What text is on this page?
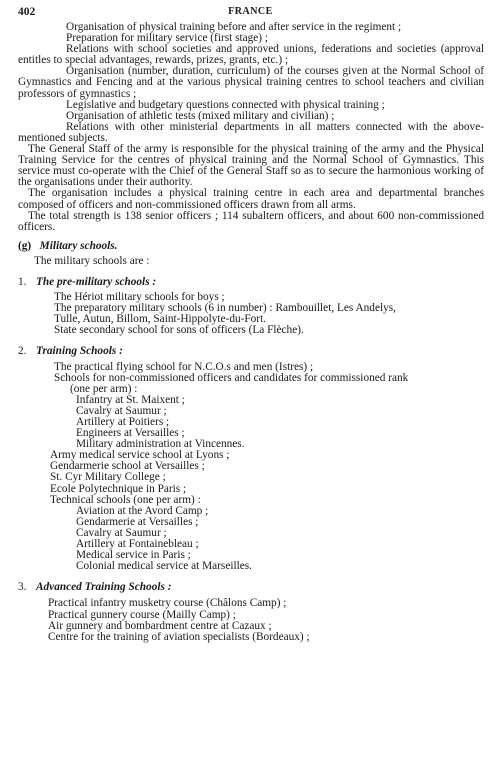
402	FRANCE

Organisation of physical training before and after service in the regiment ;

Preparation for military service (first stage) ;

Relations with school societies and approved unions, federations and societies (approval entitles to special advantages, rewards, prizes, grants, etc.) ;

Organisation (number, duration, curriculum) of the courses given at the Normal School of Gymnastics and Fencing and at the various physical training centres to school teachers and civilian professors of gymnastics ;

Legislative and budgetary questions connected with physical training ;

Organisation of athletic tests (mixed military and civilian) ;

Relations with other ministerial departments in all matters connected with the above-mentioned subjects.

The General Staff of the army is responsible for the physical training of the army and the Physical Training Service for the centres of physical training and the Normal School of Gymnastics. This service must co-operate with the Chief of the General Staff so as to secure the harmonious working of the organisations under their authority.

The organisation includes a physical training centre in each area and departmental branches composed of officers and non-commissioned officers drawn from all arms.

The total strength is 138 senior officers ; 114 subaltern officers, and about 600 non-commissioned officers.

(g) Military schools.

The military schools are :

1. The pre-military schools :

The Hériot military schools for boys ;

The preparatory military schools (6 in number) : Rambouillet, Les Andelys,

Tulle, Autun, Billom, Saint-Hippolyte-du-Fort.

State secondary school for sons of officers (La Flèche).

2. Training Schools :

The practical flying school for N.C.O.s and men (Istres) ;

Schools for non-commissioned officers and candidates for commissioned rank

(one per arm) :

Infantry at St. Maixent ;

Cavalry at Saumur ;

Artillery at Poitiers ;

Engineers at Versailles ;

Military administration at Vincennes.

Army medical service school at Lyons ;

Gendarmerie school at Versailles ;

St. Cyr Military College ;

Ecole Polytechnique in Paris ;

Technical schools (one per arm) :

Aviation at the Avord Camp ;

Gendarmerie at Versailles ;

Cavalry at Saumur ;

Artillery at Fontainebleau ;

Medical service in Paris ;

Colonial medical service at Marseilles.

3. Advanced Training Schools :

Practical infantry musketry course (Châlons Camp) ;

Practical gunnery course (Mailly Camp) ;

Air gunnery and bombardment centre at Cazaux ;

Centre for the training of aviation specialists (Bordeaux) ;
